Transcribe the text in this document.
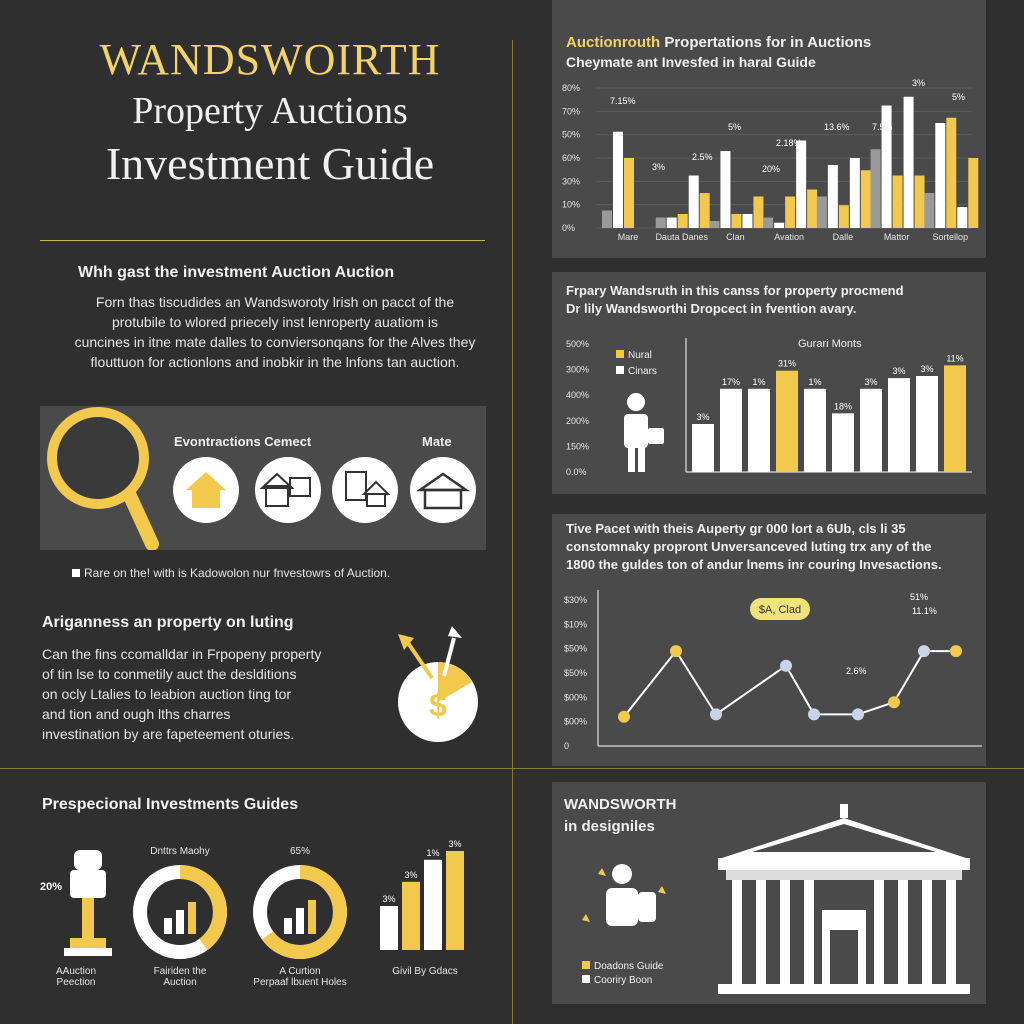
WANDSWOIRTH
Property Auctions
Investment Guide
Whh gast the investment Auction Auction
Forn thas tiscudides an Wandsworoty lrish on pacct of the
protubile to wlored priecely inst lenroperty auatiom is
cuncines in itne mate dalles to conviersonqans for the Alves they
flouttuon for actionlons and inobkir in the lnfons tan auction.
Evontractions Cemect	Mate
Rare on the! with is Kadowolon nur fnvestowrs of Auction.
Ariganness an property on luting
Can the fins ccomalldar in Frpopeny property
of tin lse to conmetily auct the deslditions
on ocly Ltalies to leabion auction ting tor
and tion and ough lths charres
investination by are fapeteement oturies.
$
Prespecional Investments Guides
20%
Dnttrs Maohy	65%
3%
3%
1%
3%
AAuction
Peection
Fairiden the
Auction
A Curtion
Perpaaf lbuent Holes
Givil By Gdacs
Auctionrouth Propertations for in Auctions
Cheymate ant Invesfed in haral Guide
80%
70%
50%
60%
30%
10%
0%
Mare Dauta Danes Clan	Avation	Dalle	Mattor	Sortellop
7.15%
3%
2.5%
5%
20%
2.18%
13.6% 7.5%
3%
5%
Frpary Wandsruth in this canss for property procmend
Dr lily Wandsworthi Dropcect in fvention avary.
Gurari Monts
Nural
Cinars
500%
300%
400%
200%
150%
0.0%
3%
17% 1%
31%
1%
18%
3%
3% 3%
11%
Tive Pacet with theis Auperty gr 000 lort a 6Ub, cls li 35
constomnaky propront Unversanceved luting trx any of the
1800 the guldes ton of andur lnems inr couring Invesactions.
$30%
$10%
$50%
$50%
$00%
$00%
0
2.6%
51%
11.1%
$A, Clad
WANDSWORTH
in designiles
Doadons Guide
Cooriry Boon
